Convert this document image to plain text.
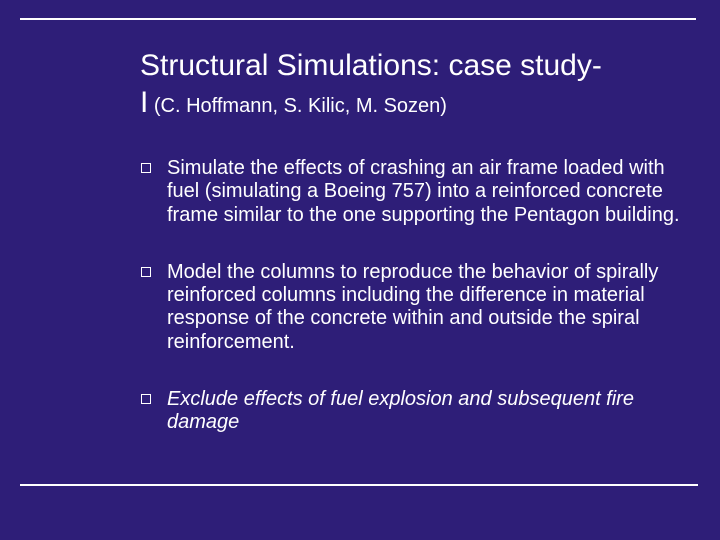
Structural Simulations: case study-
I (C. Hoffmann, S. Kilic, M. Sozen)
Simulate the effects of crashing an air frame loaded with fuel (simulating a Boeing 757) into a reinforced concrete frame similar to the one supporting the Pentagon building.
Model the columns to reproduce the behavior of spirally reinforced columns including the difference in material response of the concrete within and outside the spiral reinforcement.
Exclude effects of fuel explosion and subsequent fire damage
